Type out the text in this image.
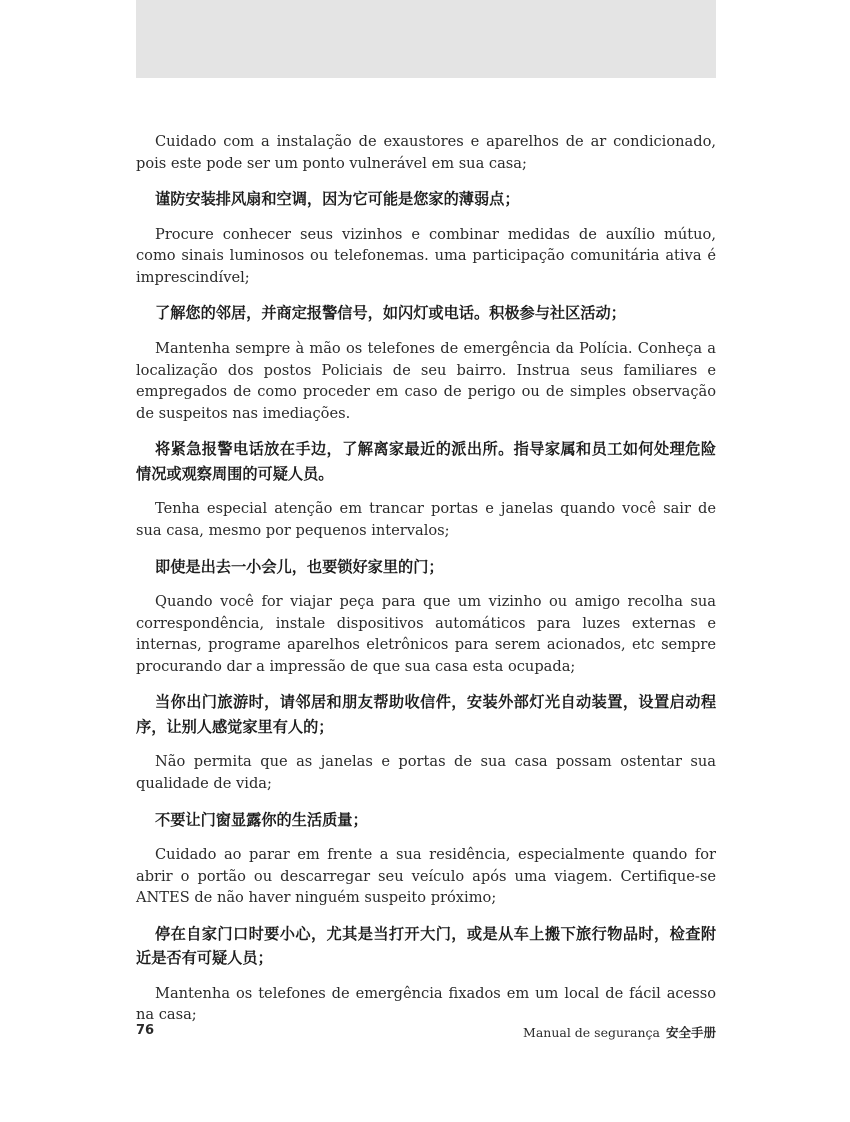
Cuidado com a instalação de exaustores e aparelhos de ar condicionado, pois este pode ser um ponto vulnerável em sua casa;

谨防安装排风扇和空调，因为它可能是您家的薄弱点；

Procure conhecer seus vizinhos e combinar medidas de auxílio mútuo, como sinais luminosos ou telefonemas. uma participação comunitária ativa é imprescindível;

了解您的邻居，并商定报警信号，如闪灯或电话。积极参与社区活动；

Mantenha sempre à mão os telefones de emergência da Polícia. Conheça a localização dos postos Policiais de seu bairro. Instrua seus familiares e empregados de como proceder em caso de perigo ou de simples observação de suspeitos nas imediações.

将紧急报警电话放在手边，了解离家最近的派出所。指导家属和员工如何处理危险情况或观察周围的可疑人员。

Tenha especial atenção em trancar portas e janelas quando você sair de sua casa, mesmo por pequenos intervalos;

即使是出去一小会儿，也要锁好家里的门；

Quando você for viajar peça para que um vizinho ou amigo recolha sua correspondência, instale dispositivos automáticos para luzes externas e internas, programe aparelhos eletrônicos para serem acionados, etc sempre procurando dar a impressão de que sua casa esta ocupada;

当你出门旅游时，请邻居和朋友帮助收信件，安装外部灯光自动装置，设置启动程序，让别人感觉家里有人的；

Não permita que as janelas e portas de sua casa possam ostentar sua qualidade de vida;

不要让门窗显露你的生活质量；

Cuidado ao parar em frente a sua residência, especialmente quando for abrir o portão ou descarregar seu veículo após uma viagem. Certifique-se ANTES de não haver ninguém suspeito próximo;

停在自家门口时要小心，尤其是当打开大门，或是从车上搬下旅行物品时，检查附近是否有可疑人员；

Mantenha os telefones de emergência fixados em um local de fácil acesso na casa;

76	Manual de segurança 安全手册
